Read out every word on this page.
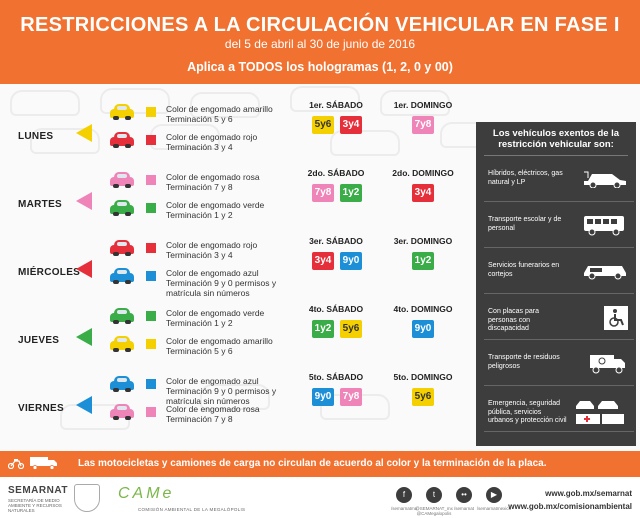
RESTRICCIONES A LA CIRCULACIÓN VEHICULAR EN FASE I
del 5 de abril al 30 de junio de 2016
Aplica a TODOS los hologramas (1, 2, 0 y 00)
LUNES
Color de engomado amarillo
Terminación 5 y 6
Color de engomado rojo
Terminación 3 y 4
1er. SÁBADO
5y6 3y4
1er. DOMINGO
7y8
MARTES
Color de engomado rosa
Terminación 7 y 8
Color de engomado verde
Terminación 1 y 2
2do. SÁBADO
7y8 1y2
2do. DOMINGO
3y4
MIÉRCOLES
Color de engomado rojo
Terminación 3 y 4
Color de engomado azul
Terminación 9 y 0 permisos y
matrícula sin números
3er. SÁBADO
3y4 9y0
3er. DOMINGO
1y2
JUEVES
Color de engomado verde
Terminación 1 y 2
Color de engomado amarillo
Terminación 5 y 6
4to. SÁBADO
1y2 5y6
4to. DOMINGO
9y0
VIERNES
Color de engomado azul
Terminación 9 y 0 permisos y
matrícula sin números
Color de engomado rosa
Terminación 7 y 8
5to. SÁBADO
9y0 7y8
5to. DOMINGO
5y6
Los vehículos exentos de la restricción vehicular son:
Híbridos, eléctricos, gas natural y LP
Transporte escolar y de personal
Servicios funerarios en cortejos
Con placas para personas con discapacidad
Transporte de residuos peligrosos
Emergencia, seguridad pública, servicios urbanos y protección civil
Las motocicletas y camiones de carga no circulan de acuerdo al color y la terminación de la placa.
SEMARNAT
SECRETARÍA DE MEDIO AMBIENTE Y RECURSOS NATURALES
CAMe
COMISIÓN AMBIENTAL DE LA MEGALÓPOLIS
f
/semarnatmx
t
@SEMARNAT_mx @CAMegalopolis
••
/semarnat
▶
/semarnatmexico
www.gob.mx/semarnat
www.gob.mx/comisionambiental
